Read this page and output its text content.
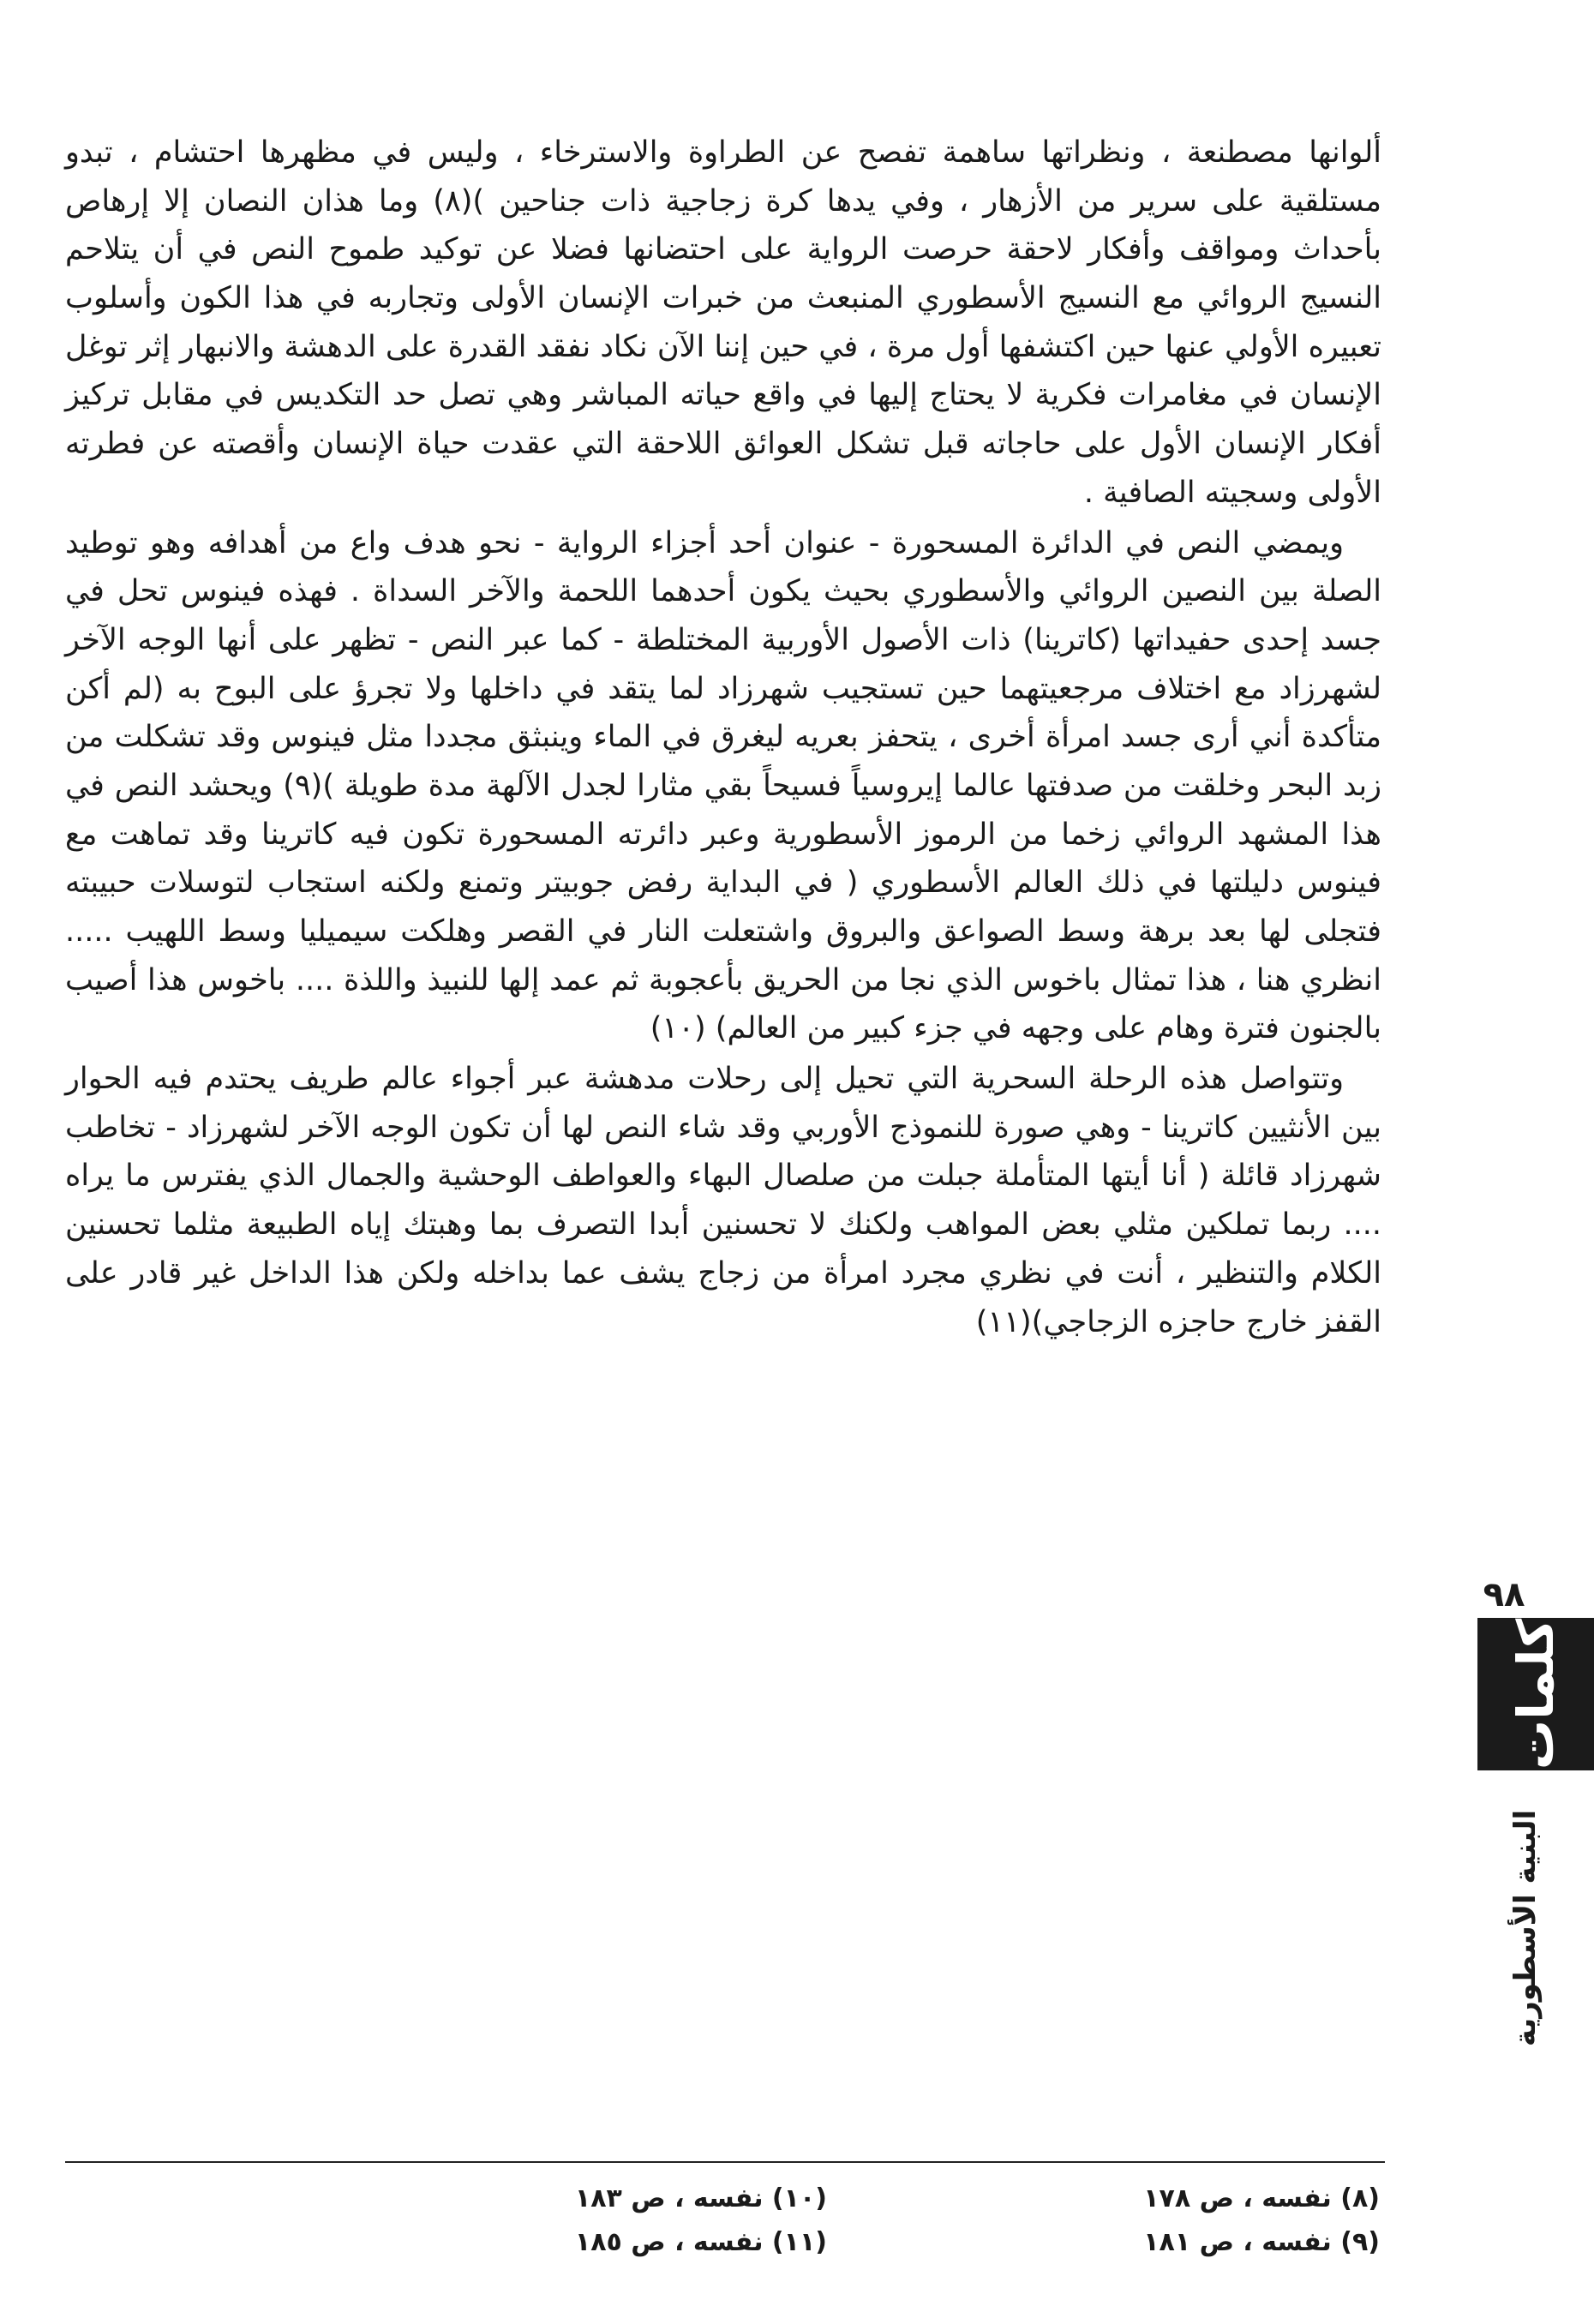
ألوانها مصطنعة ، ونظراتها ساهمة تفصح عن الطراوة والاسترخاء ، وليس في مظهرها احتشام ، تبدو مستلقية على سرير من الأزهار ، وفي يدها كرة زجاجية ذات جناحين )(٨) وما هذان النصان إلا إرهاص بأحداث ومواقف وأفكار لاحقة حرصت الرواية على احتضانها فضلا عن توكيد طموح النص في أن يتلاحم النسيج الروائي مع النسيج الأسطوري المنبعث من خبرات الإنسان الأولى وتجاربه في هذا الكون وأسلوب تعبيره الأولي عنها حين اكتشفها أول مرة ، في حين إننا الآن نكاد نفقد القدرة على الدهشة والانبهار إثر توغل الإنسان في مغامرات فكرية لا يحتاج إليها في واقع حياته المباشر وهي تصل حد التكديس في مقابل تركيز أفكار الإنسان الأول على حاجاته قبل تشكل العوائق اللاحقة التي عقدت حياة الإنسان وأقصته عن فطرته الأولى وسجيته الصافية .

ويمضي النص في الدائرة المسحورة - عنوان أحد أجزاء الرواية - نحو هدف واع من أهدافه وهو توطيد الصلة بين النصين الروائي والأسطوري بحيث يكون أحدهما اللحمة والآخر السداة . فهذه فينوس تحل في جسد إحدى حفيداتها (كاترينا) ذات الأصول الأوربية المختلطة - كما عبر النص - تظهر على أنها الوجه الآخر لشهرزاد مع اختلاف مرجعيتهما حين تستجيب شهرزاد لما يتقد في داخلها ولا تجرؤ على البوح به (لم أكن متأكدة أني أرى جسد امرأة أخرى ، يتحفز بعريه ليغرق في الماء وينبثق مجددا مثل فينوس وقد تشكلت من زبد البحر وخلقت من صدفتها عالما إيروسياً فسيحاً بقي مثارا لجدل الآلهة مدة طويلة )(٩) ويحشد النص في هذا المشهد الروائي زخما من الرموز الأسطورية وعبر دائرته المسحورة تكون فيه كاترينا وقد تماهت مع فينوس دليلتها في ذلك العالم الأسطوري ( في البداية رفض جوبيتر وتمنع ولكنه استجاب لتوسلات حبيبته فتجلى لها بعد برهة وسط الصواعق والبروق واشتعلت النار في القصر وهلكت سيميليا وسط اللهيب ..... انظري هنا ، هذا تمثال باخوس الذي نجا من الحريق بأعجوبة ثم عمد إلها للنبيذ واللذة .... باخوس هذا أصيب بالجنون فترة وهام على وجهه في جزء كبير من العالم) (١٠)

وتتواصل هذه الرحلة السحرية التي تحيل إلى رحلات مدهشة عبر أجواء عالم طريف يحتدم فيه الحوار بين الأنثيين كاترينا - وهي صورة للنموذج الأوربي وقد شاء النص لها أن تكون الوجه الآخر لشهرزاد - تخاطب شهرزاد قائلة ( أنا أيتها المتأملة جبلت من صلصال البهاء والعواطف الوحشية والجمال الذي يفترس ما يراه .... ربما تملكين مثلي بعض المواهب ولكنك لا تحسنين أبدا التصرف بما وهبتك إياه الطبيعة مثلما تحسنين الكلام والتنظير ، أنت في نظري مجرد امرأة من زجاج يشف عما بداخله ولكن هذا الداخل غير قادر على القفز خارج حاجزه الزجاجي)(١١)

(٨) نفسه ، ص ١٧٨
(١٠) نفسه ، ص ١٨٣
(٩) نفسه ، ص ١٨١
(١١) نفسه ، ص ١٨٥
٩٨
كلمات
البنية الأسطورية
